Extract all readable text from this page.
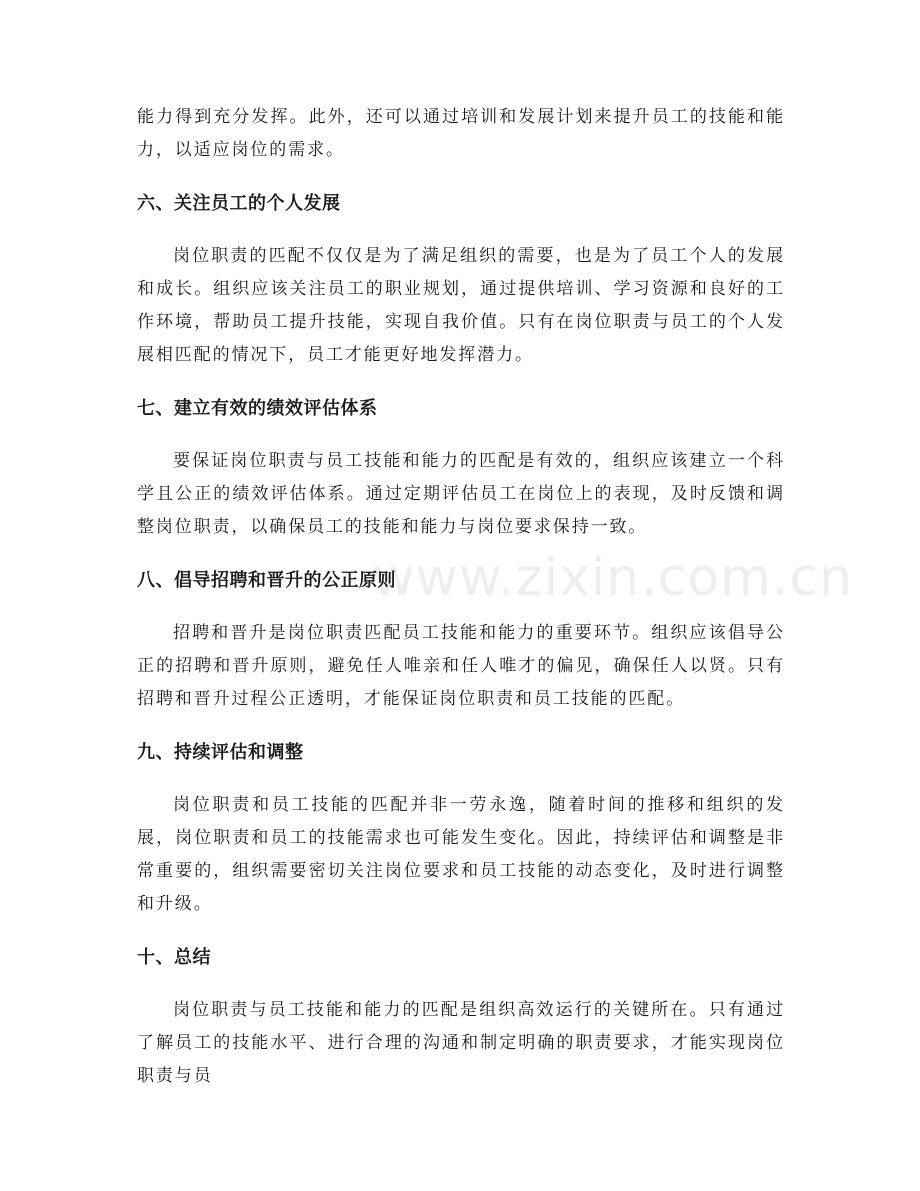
www.zixin.com.cn

能力得到充分发挥。此外，还可以通过培训和发展计划来提升员工的技能和能力，以适应岗位的需求。

六、关注员工的个人发展

岗位职责的匹配不仅仅是为了满足组织的需要，也是为了员工个人的发展和成长。组织应该关注员工的职业规划，通过提供培训、学习资源和良好的工作环境，帮助员工提升技能，实现自我价值。只有在岗位职责与员工的个人发展相匹配的情况下，员工才能更好地发挥潜力。

七、建立有效的绩效评估体系

要保证岗位职责与员工技能和能力的匹配是有效的，组织应该建立一个科学且公正的绩效评估体系。通过定期评估员工在岗位上的表现，及时反馈和调整岗位职责，以确保员工的技能和能力与岗位要求保持一致。

八、倡导招聘和晋升的公正原则

招聘和晋升是岗位职责匹配员工技能和能力的重要环节。组织应该倡导公正的招聘和晋升原则，避免任人唯亲和任人唯才的偏见，确保任人以贤。只有招聘和晋升过程公正透明，才能保证岗位职责和员工技能的匹配。

九、持续评估和调整

岗位职责和员工技能的匹配并非一劳永逸，随着时间的推移和组织的发展，岗位职责和员工的技能需求也可能发生变化。因此，持续评估和调整是非常重要的，组织需要密切关注岗位要求和员工技能的动态变化，及时进行调整和升级。

十、总结

岗位职责与员工技能和能力的匹配是组织高效运行的关键所在。只有通过了解员工的技能水平、进行合理的沟通和制定明确的职责要求，才能实现岗位职责与员
